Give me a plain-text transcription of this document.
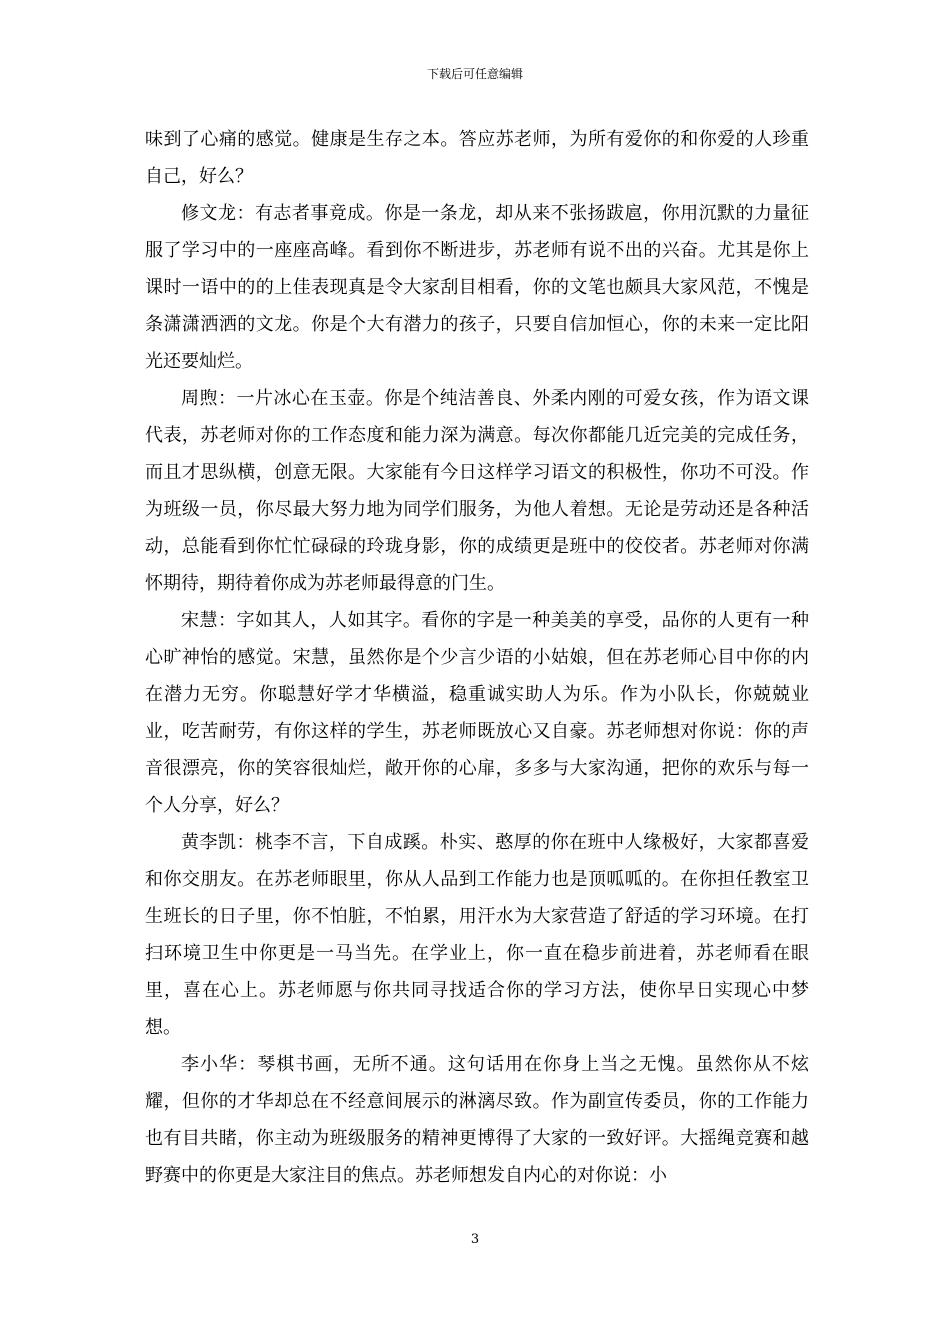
下载后可任意编辑

味到了心痛的感觉。健康是生存之本。答应苏老师，为所有爱你的和你爱的人珍重自己，好么？

修文龙：有志者事竟成。你是一条龙，却从来不张扬跋扈，你用沉默的力量征服了学习中的一座座高峰。看到你不断进步，苏老师有说不出的兴奋。尤其是你上课时一语中的的上佳表现真是令大家刮目相看，你的文笔也颇具大家风范，不愧是条潇潇洒洒的文龙。你是个大有潜力的孩子，只要自信加恒心，你的未来一定比阳光还要灿烂。

周煦：一片冰心在玉壶。你是个纯洁善良、外柔内刚的可爱女孩，作为语文课代表，苏老师对你的工作态度和能力深为满意。每次你都能几近完美的完成任务，而且才思纵横，创意无限。大家能有今日这样学习语文的积极性，你功不可没。作为班级一员，你尽最大努力地为同学们服务，为他人着想。无论是劳动还是各种活动，总能看到你忙忙碌碌的玲珑身影，你的成绩更是班中的佼佼者。苏老师对你满怀期待，期待着你成为苏老师最得意的门生。

宋慧：字如其人，人如其字。看你的字是一种美美的享受，品你的人更有一种心旷神怡的感觉。宋慧，虽然你是个少言少语的小姑娘，但在苏老师心目中你的内在潜力无穷。你聪慧好学才华横溢，稳重诚实助人为乐。作为小队长，你兢兢业业，吃苦耐劳，有你这样的学生，苏老师既放心又自豪。苏老师想对你说：你的声音很漂亮，你的笑容很灿烂，敞开你的心扉，多多与大家沟通，把你的欢乐与每一个人分享，好么？

黄李凯：桃李不言，下自成蹊。朴实、憨厚的你在班中人缘极好，大家都喜爱和你交朋友。在苏老师眼里，你从人品到工作能力也是顶呱呱的。在你担任教室卫生班长的日子里，你不怕脏，不怕累，用汗水为大家营造了舒适的学习环境。在打扫环境卫生中你更是一马当先。在学业上，你一直在稳步前进着，苏老师看在眼里，喜在心上。苏老师愿与你共同寻找适合你的学习方法，使你早日实现心中梦想。

李小华：琴棋书画，无所不通。这句话用在你身上当之无愧。虽然你从不炫耀，但你的才华却总在不经意间展示的淋漓尽致。作为副宣传委员，你的工作能力也有目共睹，你主动为班级服务的精神更博得了大家的一致好评。大摇绳竞赛和越野赛中的你更是大家注目的焦点。苏老师想发自内心的对你说：小

3
